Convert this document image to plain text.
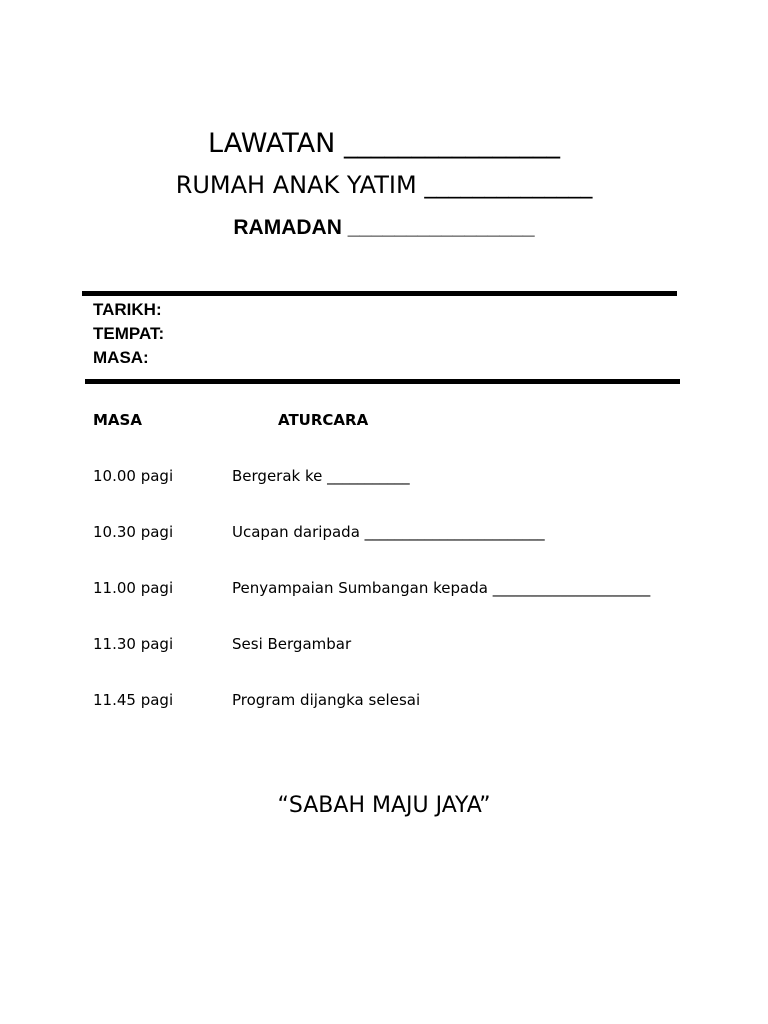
LAWATAN ________________
RUMAH ANAK YATIM ______________
RAMADAN ________________
TARIKH:
TEMPAT:
MASA:
MASA	ATURCARA
10.00 pagi	Bergerak ke ___________
10.30 pagi	Ucapan daripada ________________________
11.00 pagi	Penyampaian Sumbangan kepada _____________________
11.30 pagi	Sesi Bergambar
11.45 pagi	Program dijangka selesai
“SABAH MAJU JAYA”
